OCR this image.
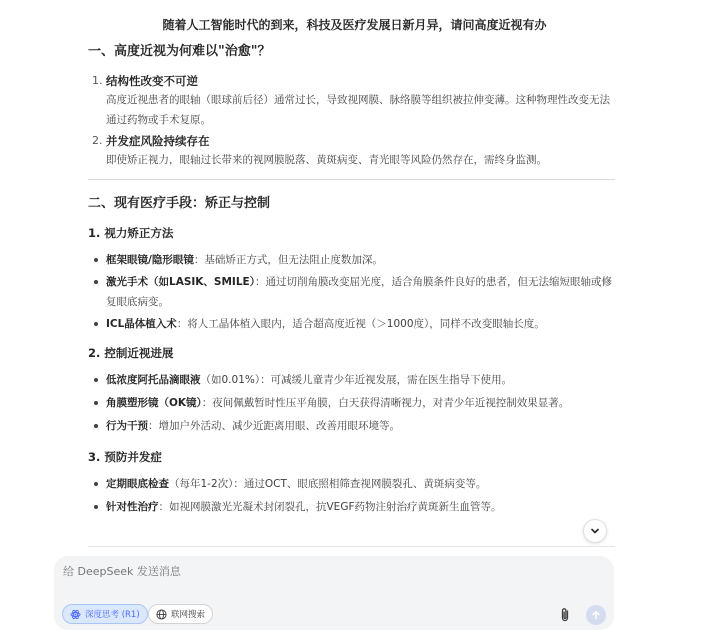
随着人工智能时代的到来，科技及医疗发展日新月异，请问高度近视有办
一、高度近视为何难以"治愈"？
1. 结构性改变不可逆
高度近视患者的眼轴（眼球前后径）通常过长，导致视网膜、脉络膜等组织被拉伸变薄。这种物理性改变无法通过药物或手术复原。
2. 并发症风险持续存在
即使矫正视力，眼轴过长带来的视网膜脱落、黄斑病变、青光眼等风险仍然存在，需终身监测。
二、现有医疗手段：矫正与控制
1. 视力矫正方法
框架眼镜/隐形眼镜：基础矫正方式，但无法阻止度数加深。
激光手术（如LASIK、SMILE）：通过切削角膜改变屈光度，适合角膜条件良好的患者，但无法缩短眼轴或修复眼底病变。
ICL晶体植入术：将人工晶体植入眼内，适合超高度近视（＞1000度），同样不改变眼轴长度。
2. 控制近视进展
低浓度阿托品滴眼液（如0.01%）：可减缓儿童青少年近视发展，需在医生指导下使用。
角膜塑形镜（OK镜）：夜间佩戴暂时性压平角膜，白天获得清晰视力，对青少年近视控制效果显著。
行为干预：增加户外活动、减少近距离用眼、改善用眼环境等。
3. 预防并发症
定期眼底检查（每年1-2次）：通过OCT、眼底照相筛查视网膜裂孔、黄斑病变等。
针对性治疗：如视网膜激光光凝术封闭裂孔，抗VEGF药物注射治疗黄斑新生血管等。
给 DeepSeek 发送消息
深度思考 (R1)	联网搜索
